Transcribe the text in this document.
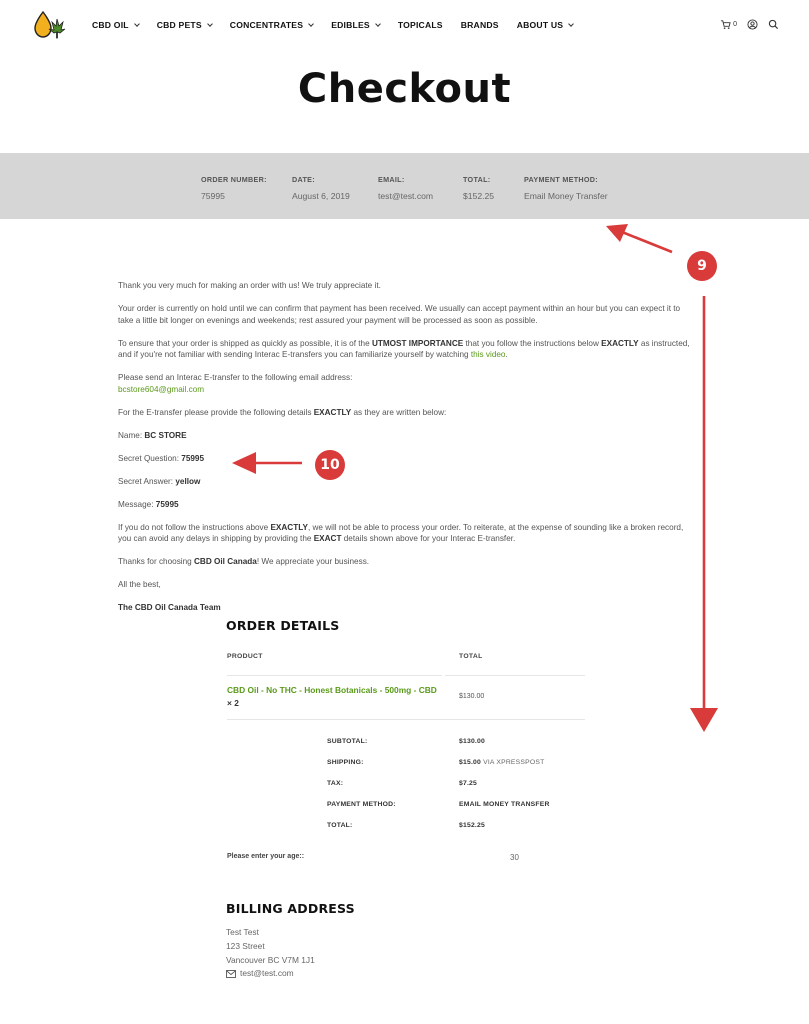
CBD OIL	CBD PETS	CONCENTRATES	EDIBLES	TOPICALS BRANDS ABOUT US	0
Checkout
ORDER NUMBER:
75995
DATE:
August 6, 2019
EMAIL:
test@test.com
TOTAL:
$152.25
PAYMENT METHOD:
Email Money Transfer

Thank you very much for making an order with us! We truly appreciate it.

Your order is currently on hold until we can confirm that payment has been received. We usually can accept payment within an hour but you can expect it to take a little bit longer on evenings and weekends; rest assured your payment will be processed as soon as possible.

To ensure that your order is shipped as quickly as possible, it is of the UTMOST IMPORTANCE that you follow the instructions below EXACTLY as instructed, and if you're not familiar with sending Interac E-transfers you can familiarize yourself by watching this video.

Please send an Interac E-transfer to the following email address:
bcstore604@gmail.com

For the E-transfer please provide the following details EXACTLY as they are written below:

Name: BC STORE

Secret Question: 75995

Secret Answer: yellow

Message: 75995

If you do not follow the instructions above EXACTLY, we will not be able to process your order. To reiterate, at the expense of sounding like a broken record, you can avoid any delays in shipping by providing the EXACT details shown above for your Interac E-transfer.

Thanks for choosing CBD Oil Canada! We appreciate your business.

All the best,

The CBD Oil Canada Team

ORDER DETAILS
PRODUCT	TOTAL
CBD Oil - No THC - Honest Botanicals - 500mg - CBD × 2
$130.00
SUBTOTAL:	$130.00
SHIPPING:	$15.00 VIA XPRESSPOST
TAX:	$7.25
PAYMENT METHOD:	EMAIL MONEY TRANSFER
TOTAL:	$152.25
Please enter your age::	30
BILLING ADDRESS
Test Test
123 Street
Vancouver BC V7M 1J1
test@test.com
9
10
